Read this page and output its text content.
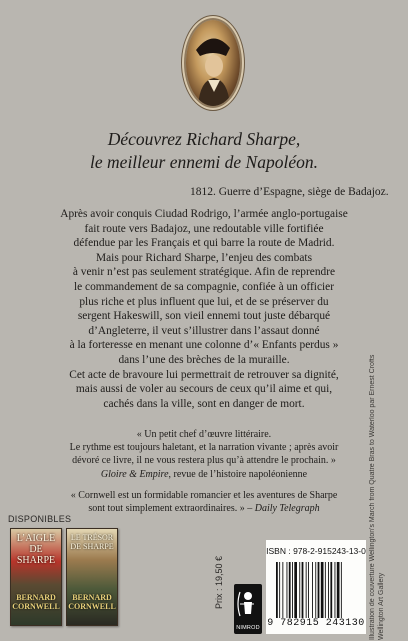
Découvrez Richard Sharpe,
le meilleur ennemi de Napoléon.
1812. Guerre d’Espagne, siège de Badajoz.
Après avoir conquis Ciudad Rodrigo, l’armée anglo-portugaise
fait route vers Badajoz, une redoutable ville fortifiée
défendue par les Français et qui barre la route de Madrid.
Mais pour Richard Sharpe, l’enjeu des combats
à venir n’est pas seulement stratégique. Afin de reprendre
le commandement de sa compagnie, confiée à un officier
plus riche et plus influent que lui, et de se préserver du
sergent Hakeswill, son vieil ennemi tout juste débarqué
d’Angleterre, il veut s’illustrer dans l’assaut donné
à la forteresse en menant une colonne d’« Enfants perdus »
dans l’une des brèches de la muraille.
Cet acte de bravoure lui permettrait de retrouver sa dignité,
mais aussi de voler au secours de ceux qu’il aime et qui,
cachés dans la ville, sont en danger de mort.
« Un petit chef d’œuvre littéraire.
Le rythme est toujours haletant, et la narration vivante ; après avoir
dévoré ce livre, il ne vous restera plus qu’à attendre le prochain. »
Gloire & Empire, revue de l’histoire napoléonienne
« Cornwell est un formidable romancier et les aventures de Sharpe
sont tout simplement extraordinaires. » – Daily Telegraph	Illustration de couverture Wellington's March from Quatre Bras to Waterloo par Ernest Crofts Wellington Art Gallery
DISPONIBLES
L’AIGLE DE SHARPE
BERNARD CORNWELL
LE TRÉSOR DE SHARPE
BERNARD CORNWELL	Prix : 19,50 €
NIMROD
ISBN : 978-2-915243-13-0
9 782915 243130
